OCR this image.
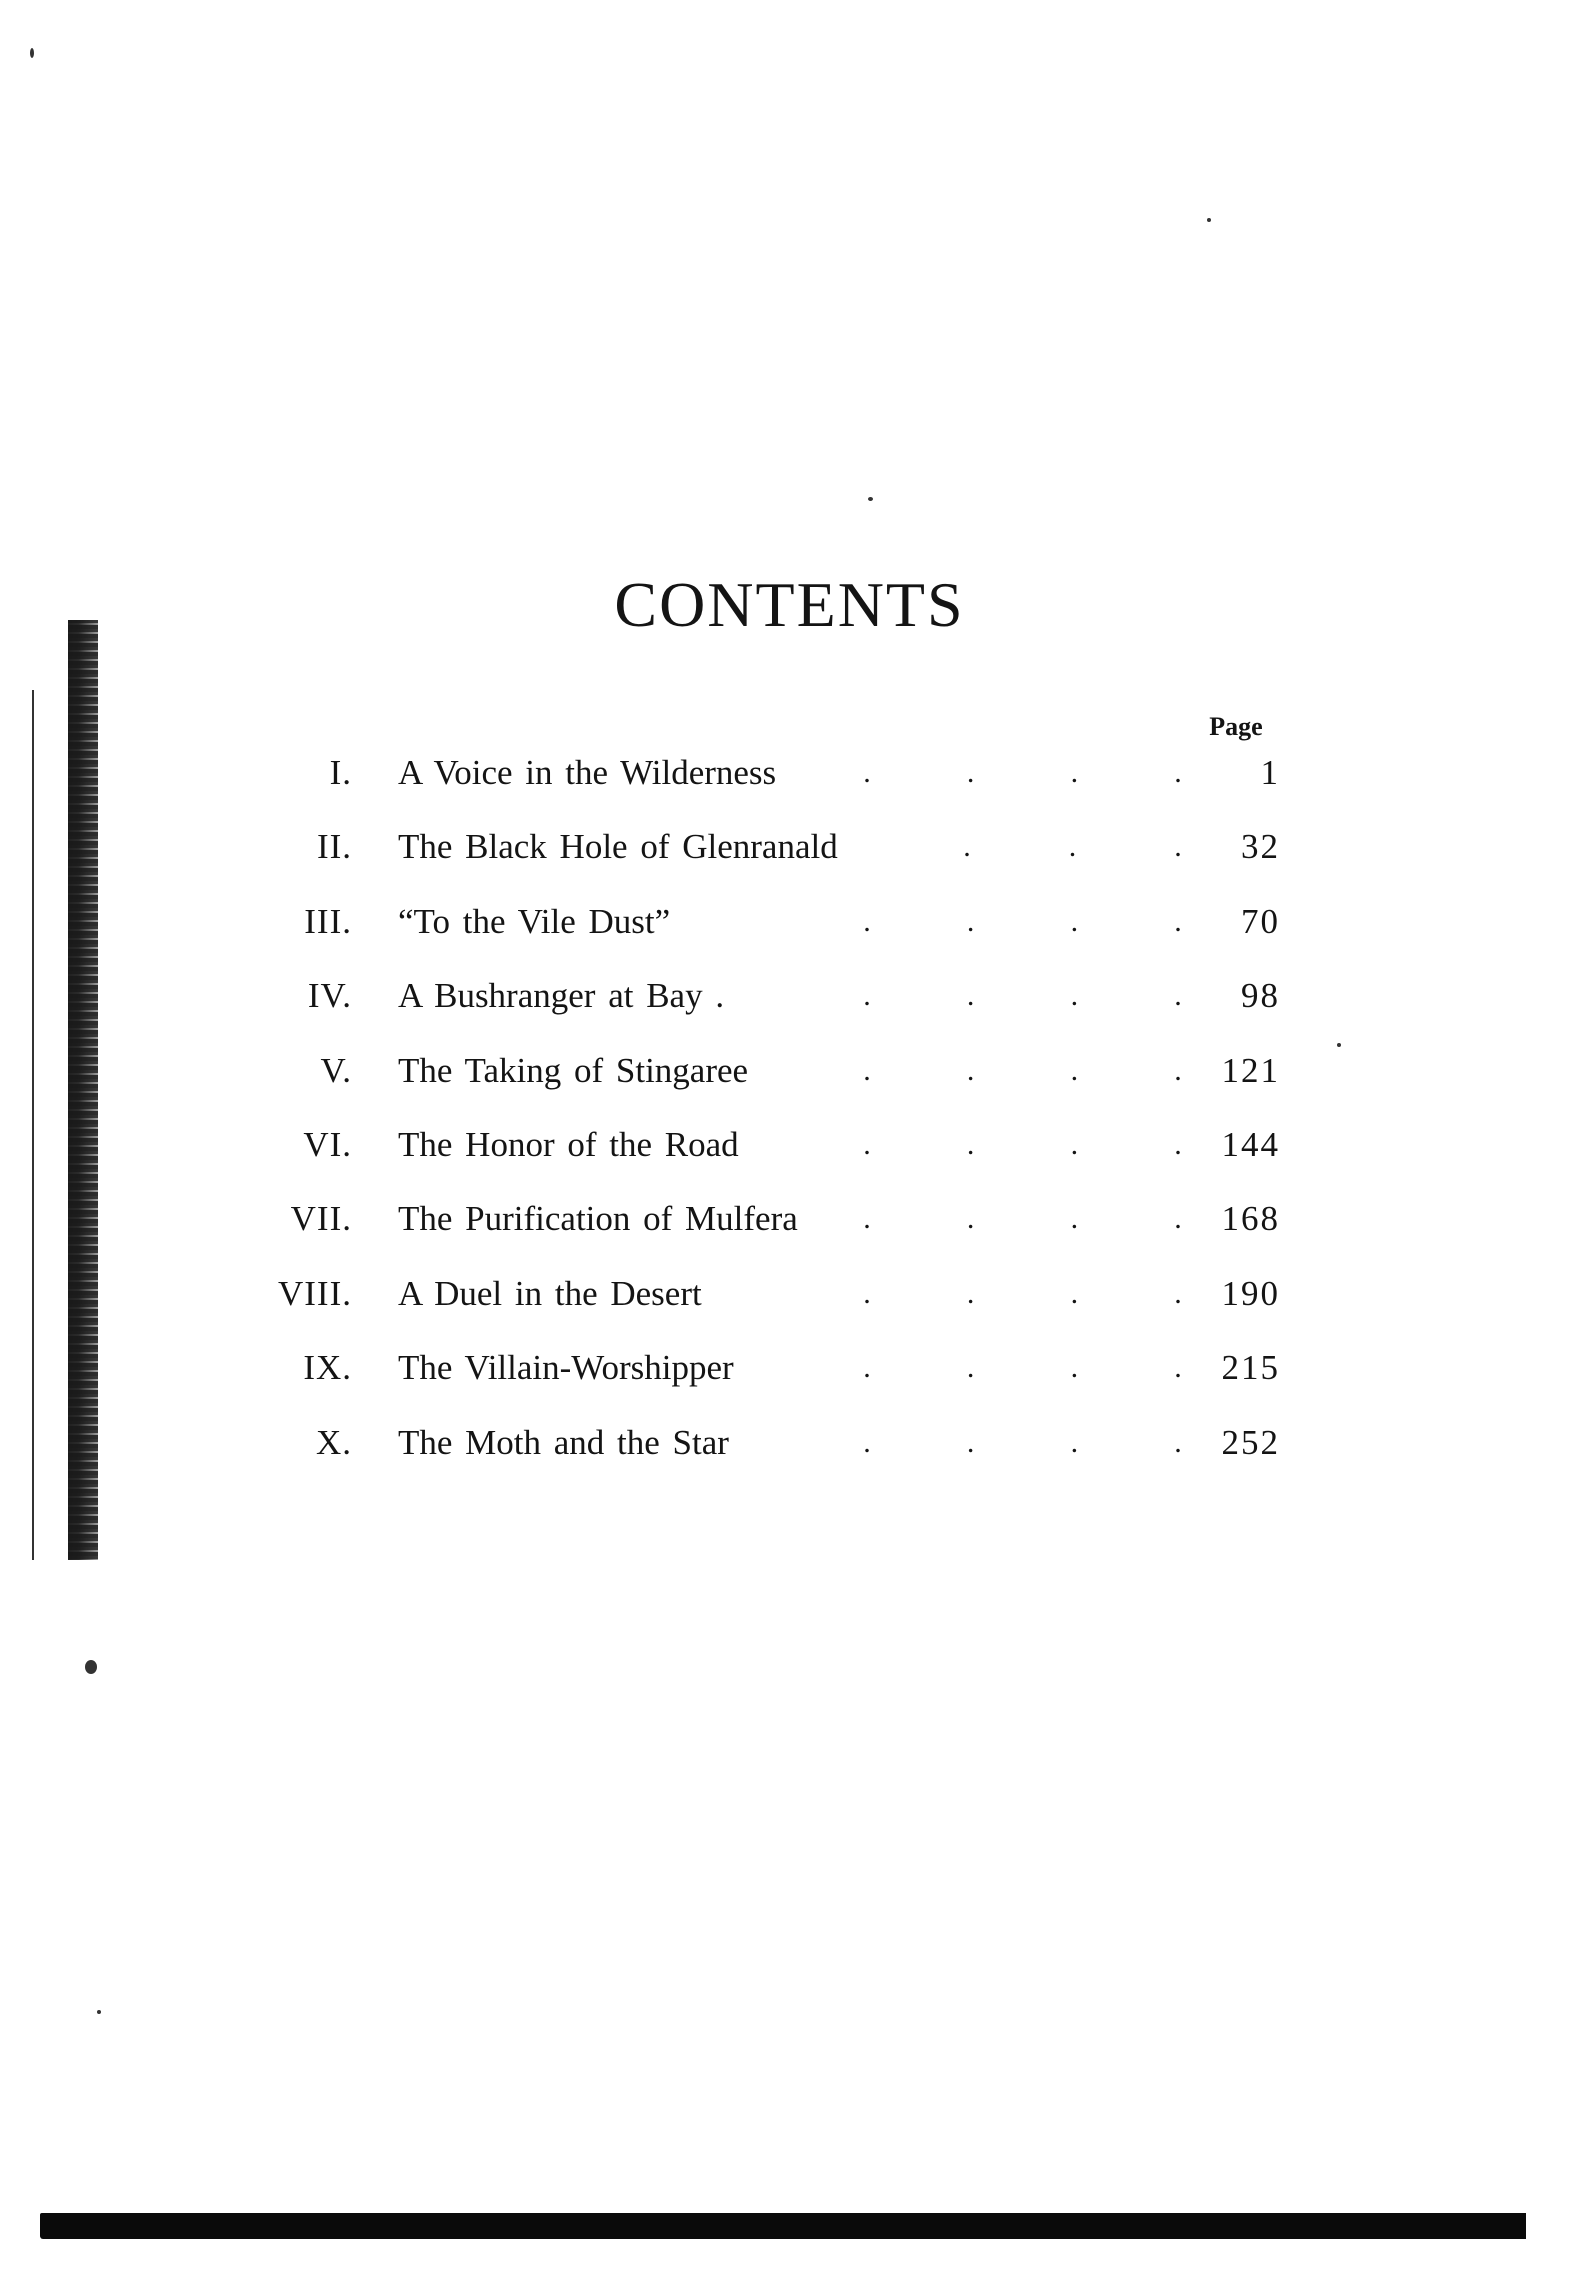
CONTENTS
Page
I. A Voice in the Wilderness	.	.	.	.	1
II. The Black Hole of Glenranald	.	.	.	32
III. “To the Vile Dust”	.	.	.	.	70
IV. A Bushranger at Bay .	.	.	.	.	98
V. The Taking of Stingaree	.	.	.	.	121
VI. The Honor of the Road	.	.	.	.	144
VII. The Purification of Mulfera .	.	.	.	168
VIII. A Duel in the Desert	.	.	.	.	190
IX. The Villain-Worshipper	.	.	.	.	215
X. The Moth and the Star	.	.	.	.	252
